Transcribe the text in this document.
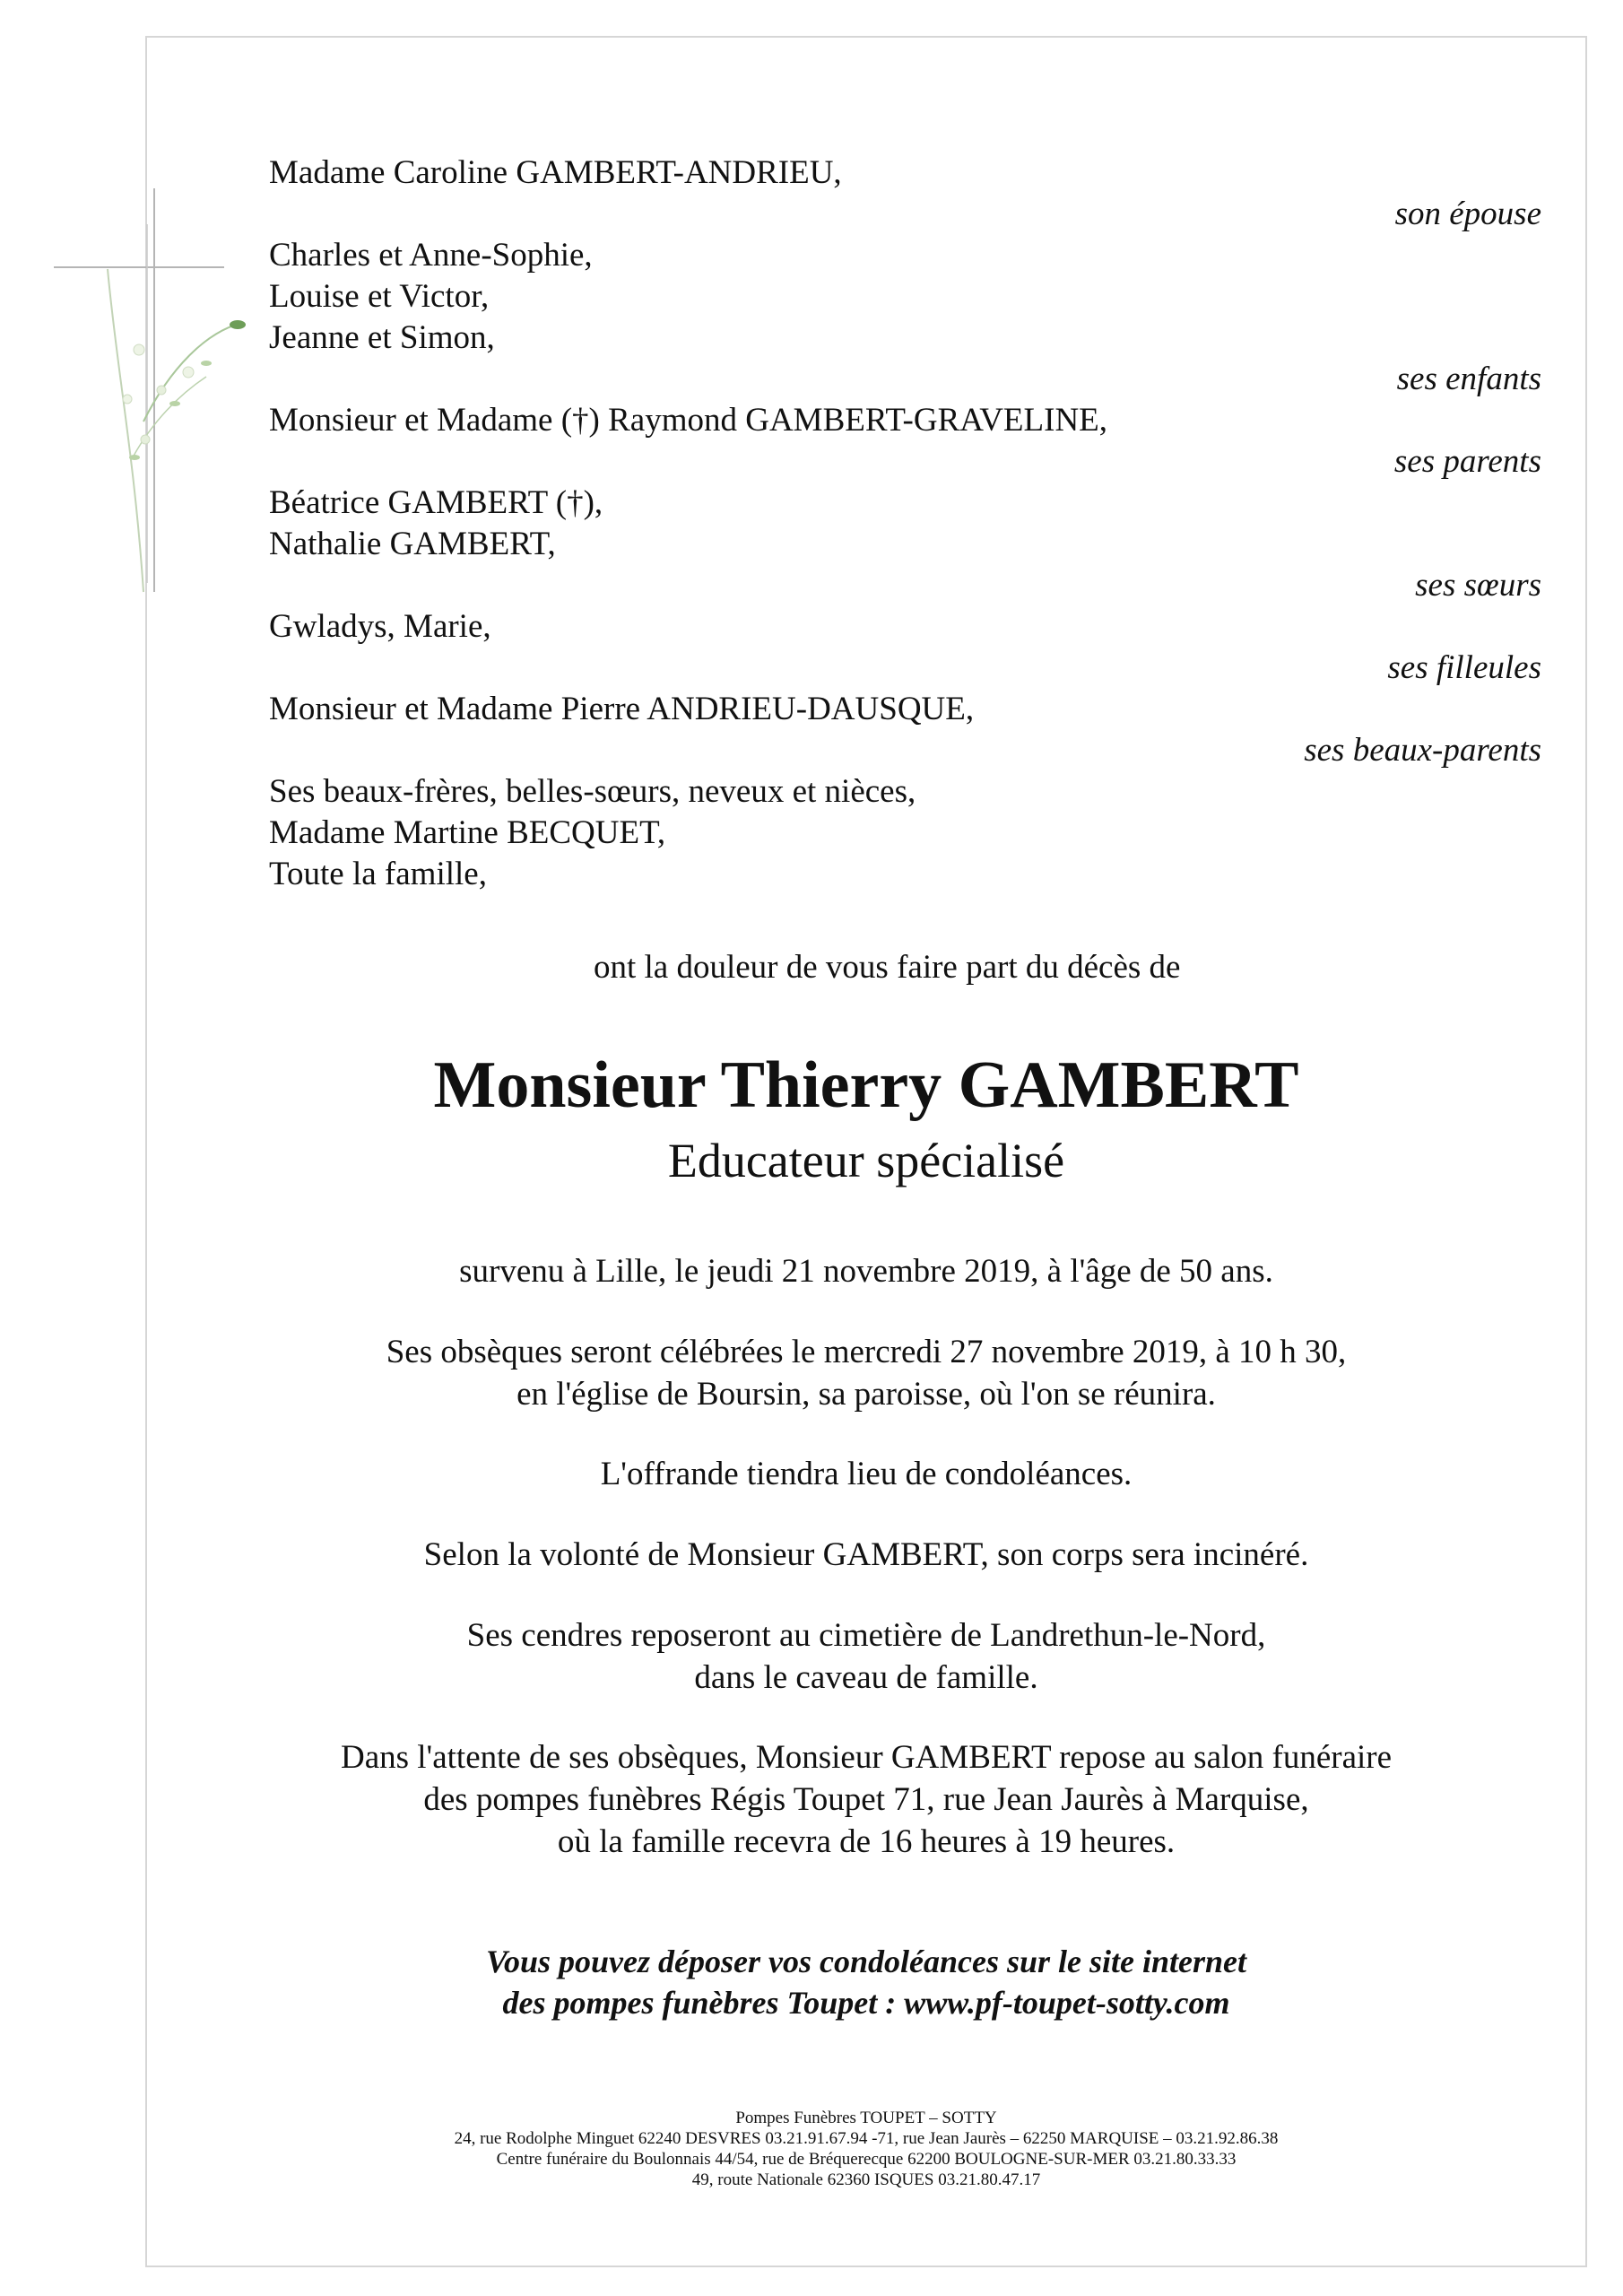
Madame Caroline GAMBERT-ANDRIEU,
son épouse
Charles et Anne-Sophie,
Louise et Victor,
Jeanne et Simon,
ses enfants
Monsieur et Madame (†) Raymond GAMBERT-GRAVELINE,
ses parents
Béatrice GAMBERT (†),
Nathalie GAMBERT,
ses sœurs
Gwladys, Marie,
ses filleules
Monsieur et Madame Pierre ANDRIEU-DAUSQUE,
ses beaux-parents
Ses beaux-frères, belles-sœurs, neveux et nièces,
Madame Martine BECQUET,
Toute la famille,
ont la douleur de vous faire part du décès de
Monsieur Thierry GAMBERT
Educateur spécialisé
survenu à Lille, le jeudi 21 novembre 2019, à l'âge de 50 ans.
Ses obsèques seront célébrées le mercredi 27 novembre 2019, à 10 h 30,
en l'église de Boursin, sa paroisse, où l'on se réunira.
L'offrande tiendra lieu de condoléances.
Selon la volonté de Monsieur GAMBERT, son corps sera incinéré.
Ses cendres reposeront au cimetière de Landrethun-le-Nord,
dans le caveau de famille.
Dans l'attente de ses obsèques, Monsieur GAMBERT repose au salon funéraire
des pompes funèbres Régis Toupet 71, rue Jean Jaurès à Marquise,
où la famille recevra de 16 heures à 19 heures.
Vous pouvez déposer vos condoléances sur le site internet
des pompes funèbres Toupet : www.pf-toupet-sotty.com
Pompes Funèbres TOUPET – SOTTY
24, rue Rodolphe Minguet 62240 DESVRES 03.21.91.67.94 -71, rue Jean Jaurès – 62250 MARQUISE – 03.21.92.86.38
Centre funéraire du Boulonnais 44/54, rue de Bréquerecque 62200 BOULOGNE-SUR-MER 03.21.80.33.33
49, route Nationale 62360 ISQUES 03.21.80.47.17
